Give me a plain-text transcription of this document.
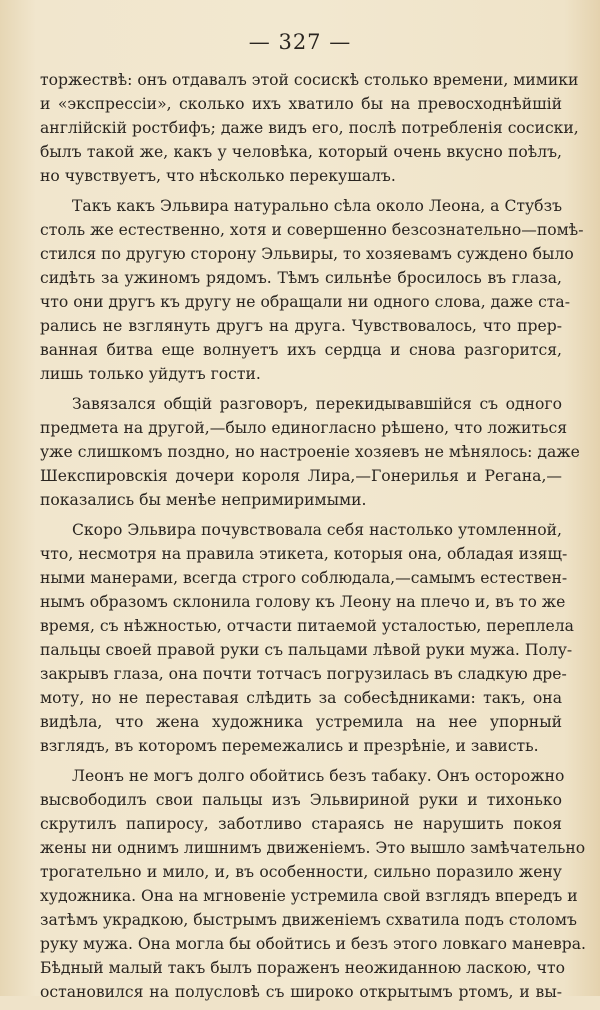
— 327 —
торжествѣ: онъ отдавалъ этой сосискѣ столько времени, мимики
и «экспрессіи», сколько ихъ хватило бы на превосходнѣйшій
англійскій ростбифъ; даже видъ его, послѣ потребленія сосиски,
былъ такой же, какъ у человѣка, который очень вкусно поѣлъ,
но чувствуетъ, что нѣсколько перекушалъ.
Такъ какъ Эльвира натурально сѣла около Леона, а Стубзъ
столь же естественно, хотя и совершенно безсознательно—помѣ-
стился по другую сторону Эльвиры, то хозяевамъ суждено было
сидѣть за ужиномъ рядомъ. Тѣмъ сильнѣе бросилось въ глаза,
что они другъ къ другу не обращали ни одного слова, даже ста-
рались не взглянуть другъ на друга. Чувствовалось, что прер-
ванная битва еще волнуетъ ихъ сердца и снова разгорится,
лишь только уйдутъ гости.
Завязался общій разговоръ, перекидывавшійся съ одного
предмета на другой,—было единогласно рѣшено, что ложиться
уже слишкомъ поздно, но настроеніе хозяевъ не мѣнялось: даже
Шекспировскія дочери короля Лира,—Гонерилья и Регана,—
показались бы менѣе непримиримыми.
Скоро Эльвира почувствовала себя настолько утомленной,
что, несмотря на правила этикета, которыя она, обладая изящ-
ными манерами, всегда строго соблюдала,—самымъ естествен-
нымъ образомъ склонила голову къ Леону на плечо и, въ то же
время, съ нѣжностью, отчасти питаемой усталостью, переплела
пальцы своей правой руки съ пальцами лѣвой руки мужа. Полу-
закрывъ глаза, она почти тотчасъ погрузилась въ сладкую дре-
моту, но не переставая слѣдить за собесѣдниками: такъ, она
видѣла, что жена художника устремила на нее упорный
взглядъ, въ которомъ перемежались и презрѣніе, и зависть.
Леонъ не могъ долго обойтись безъ табаку. Онъ осторожно
высвободилъ свои пальцы изъ Эльвириной руки и тихонько
скрутилъ папиросу, заботливо стараясь не нарушить покоя
жены ни однимъ лишнимъ движеніемъ. Это вышло замѣчательно
трогательно и мило, и, въ особенности, сильно поразило жену
художника. Она на мгновеніе устремила свой взглядъ впередъ и
затѣмъ украдкою, быстрымъ движеніемъ схватила подъ столомъ
руку мужа. Она могла бы обойтись и безъ этого ловкаго маневра.
Бѣдный малый такъ былъ пораженъ неожиданною ласкою, что
остановился на полусловѣ съ широко открытымъ ртомъ, и вы-
